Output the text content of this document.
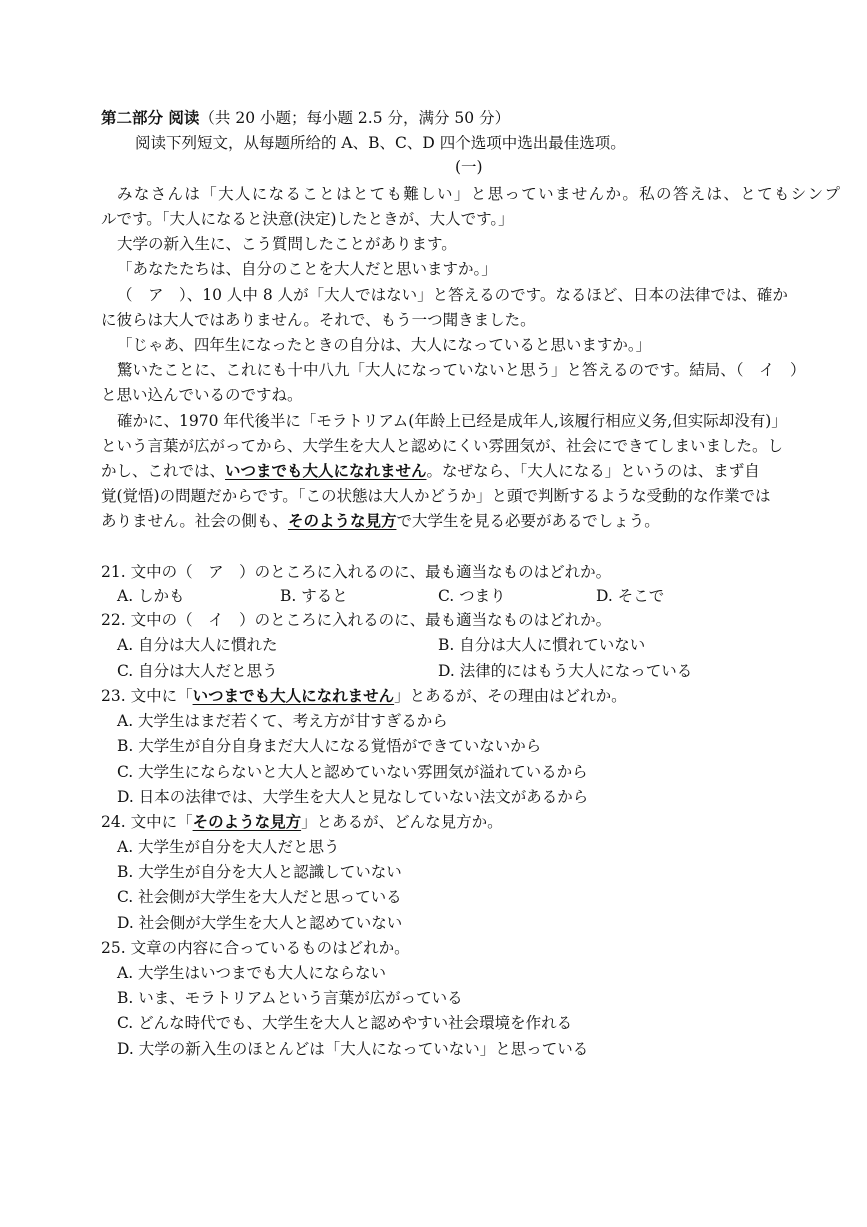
第二部分 阅读（共 20 小题；每小题 2.5 分，满分 50 分）
阅读下列短文，从每题所给的 A、B、C、D 四个选项中选出最佳选项。
(一)
み な さ ん は 「 大 人 に な る こ と は と て も 難 し い 」 と 思 っ て い ま せ ん か 。 私 の 答 え は 、 と て も シ ン プ
ルです。「大人になると決意(決定)したときが、大人です。」
大学の新入生に、こう質問したことがあります。
「あなたたちは、自分のことを大人だと思いますか。」
（　ア　）、10 人中 8 人が「大人ではない」と答えるのです。なるほど、日本の法律では、確か
に彼らは大人ではありません。それで、もう一つ聞きました。
「じゃあ、四年生になったときの自分は、大人になっていると思いますか。」
驚いたことに、これにも十中八九「大人になっていないと思う」と答えるのです。結局、（　イ　）
と思い込んでいるのですね。
確かに、1970 年代後半に「モラトリアム(年龄上已经是成年人,该履行相应义务,但实际却没有)」
という言葉が広がってから、大学生を大人と認めにくい雰囲気が、社会にできてしまいました。し
かし、これでは、いつまでも大人になれません。なぜなら、「大人になる」というのは、まず自
覚(覚悟)の問題だからです。「この状態は大人かどうか」と頭で判断するような受動的な作業では
ありません。社会の側も、そのような見方で大学生を見る必要があるでしょう。
21. 文中の（　ア　）のところに入れるのに、最も適当なものはどれか。
A. しかも	B. すると	C. つまり	D. そこで
22. 文中の（　イ　）のところに入れるのに、最も適当なものはどれか。
A. 自分は大人に慣れた	B. 自分は大人に慣れていない
C. 自分は大人だと思う	D. 法律的にはもう大人になっている
23. 文中に「いつまでも大人になれません」とあるが、その理由はどれか。
A. 大学生はまだ若くて、考え方が甘すぎるから
B. 大学生が自分自身まだ大人になる覚悟ができていないから
C. 大学生にならないと大人と認めていない雰囲気が溢れているから
D. 日本の法律では、大学生を大人と見なしていない法文があるから
24. 文中に「そのような見方」とあるが、どんな見方か。
A. 大学生が自分を大人だと思う
B. 大学生が自分を大人と認識していない
C. 社会側が大学生を大人だと思っている
D. 社会側が大学生を大人と認めていない
25. 文章の内容に合っているものはどれか。
A. 大学生はいつまでも大人にならない
B. いま、モラトリアムという言葉が広がっている
C. どんな時代でも、大学生を大人と認めやすい社会環境を作れる
D. 大学の新入生のほとんどは「大人になっていない」と思っている
